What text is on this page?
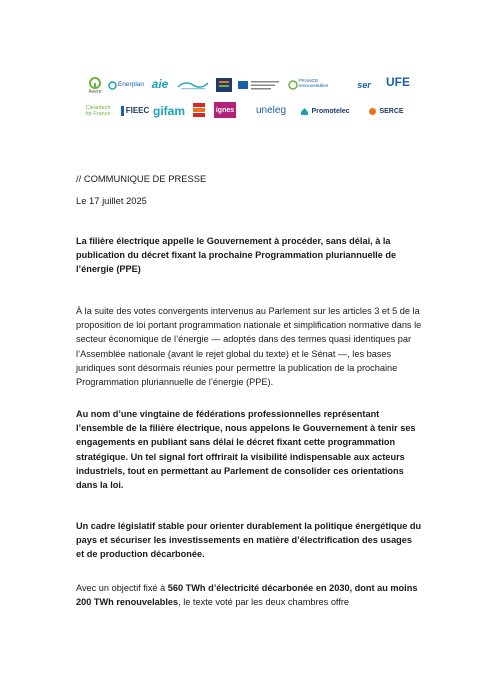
Avere
Enerplan aie	FRANCE renouvelables	ser UFE
Cleantech for France FIEEC gifam	ignes uneleg	Promotelec	SERCE
// COMMUNIQUE DE PRESSE
Le 17 juillet 2025
La filière électrique appelle le Gouvernement à procéder, sans délai, à la publication du décret fixant la prochaine Programmation pluriannuelle de l’énergie (PPE)
À la suite des votes convergents intervenus au Parlement sur les articles 3 et 5 de la proposition de loi portant programmation nationale et simplification normative dans le secteur économique de l’énergie — adoptés dans des termes quasi identiques par l’Assemblée nationale (avant le rejet global du texte) et le Sénat —, les bases juridiques sont désormais réunies pour permettre la publication de la prochaine Programmation pluriannuelle de l’énergie (PPE).
Au nom d’une vingtaine de fédérations professionnelles représentant l’ensemble de la filière électrique, nous appelons le Gouvernement à tenir ses engagements en publiant sans délai le décret fixant cette programmation stratégique. Un tel signal fort offrirait la visibilité indispensable aux acteurs industriels, tout en permettant au Parlement de consolider ces orientations dans la loi.
Un cadre législatif stable pour orienter durablement la politique énergétique du pays et sécuriser les investissements en matière d’électrification des usages et de production décarbonée.
Avec un objectif fixé à 560 TWh d’électricité décarbonée en 2030, dont au moins 200 TWh renouvelables, le texte voté par les deux chambres offre
